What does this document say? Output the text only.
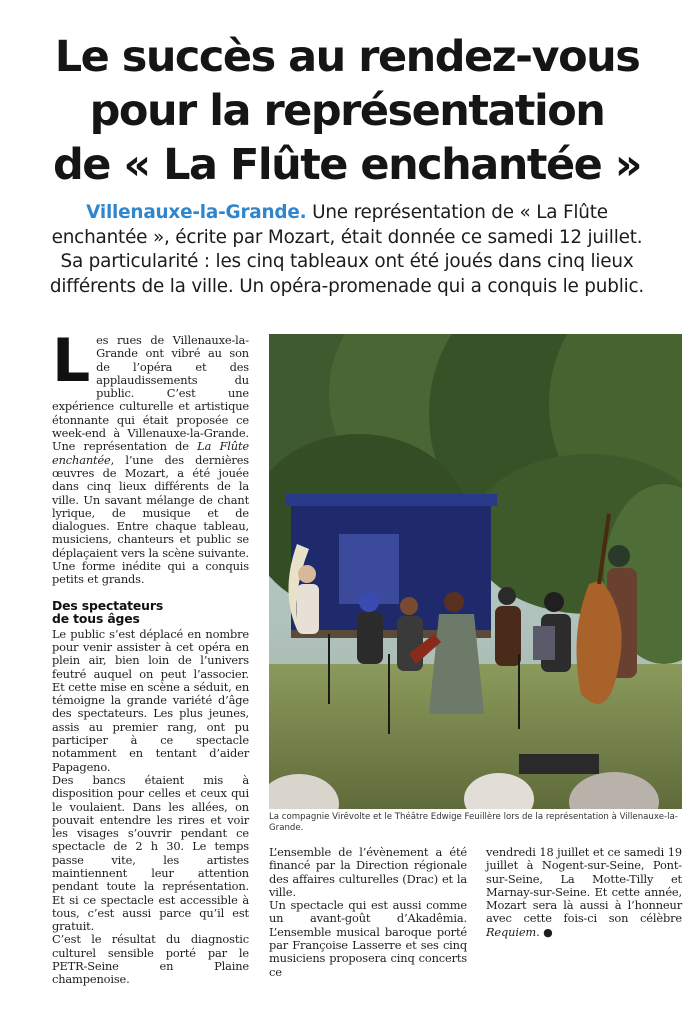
Le succès au rendez-vous
pour la représentation
de « La Flûte enchantée »

Villenauxe-la-Grande. Une représentation de « La Flûte
enchantée », écrite par Mozart, était donnée ce samedi 12 juillet.
Sa particularité : les cinq tableaux ont été joués dans cinq lieux
différents de la ville. Un opéra-promenade qui a conquis le public.

Les rues de Villenauxe-la-Grande ont vibré au son de l’opéra et des applaudissements du public. C’est une expérience culturelle et artistique étonnante qui était proposée ce week-end à Villenauxe-la-Grande. Une représentation de La Flûte enchantée, l’une des dernières œuvres de Mozart, a été jouée dans cinq lieux différents de la ville. Un savant mélange de chant lyrique, de musique et de dialogues. Entre chaque tableau, musiciens, chanteurs et public se déplaçaient vers la scène suivante. Une forme inédite qui a conquis petits et grands.

Des spectateurs
de tous âges

Le public s’est déplacé en nombre pour venir assister à cet opéra en plein air, bien loin de l’univers feutré auquel on peut l’associer. Et cette mise en scène a séduit, en témoigne la grande variété d’âge des spectateurs. Les plus jeunes, assis au premier rang, ont pu participer à ce spectacle notamment en tentant d’aider Papageno.

Des bancs étaient mis à disposition pour celles et ceux qui le voulaient. Dans les allées, on pouvait entendre les rires et voir les visages s’ouvrir pendant ce spectacle de 2 h 30. Le temps passe vite, les artistes maintiennent leur attention pendant toute la représentation. Et si ce spectacle est accessible à tous, c’est aussi parce qu’il est gratuit.

C’est le résultat du diagnostic culturel sensible porté par le PETR-Seine en Plaine champenoise.

La compagnie Virêvolte et le Théâtre Edwige Feuillère lors de la représentation à Villenauxe-la-Grande.

L’ensemble de l’évènement a été financé par la Direction régionale des affaires culturelles (Drac) et la ville.

Un spectacle qui est aussi comme un avant-goût d’Akadêmia. L’ensemble musical baroque porté par Françoise Lasserre et ses cinq musiciens proposera cinq concerts ce

vendredi 18 juillet et ce samedi 19 juillet à Nogent-sur-Seine, Pont-sur-Seine, La Motte-Tilly et Marnay-sur-Seine. Et cette année, Mozart sera là aussi à l’honneur avec cette fois-ci son célèbre Requiem. ●
